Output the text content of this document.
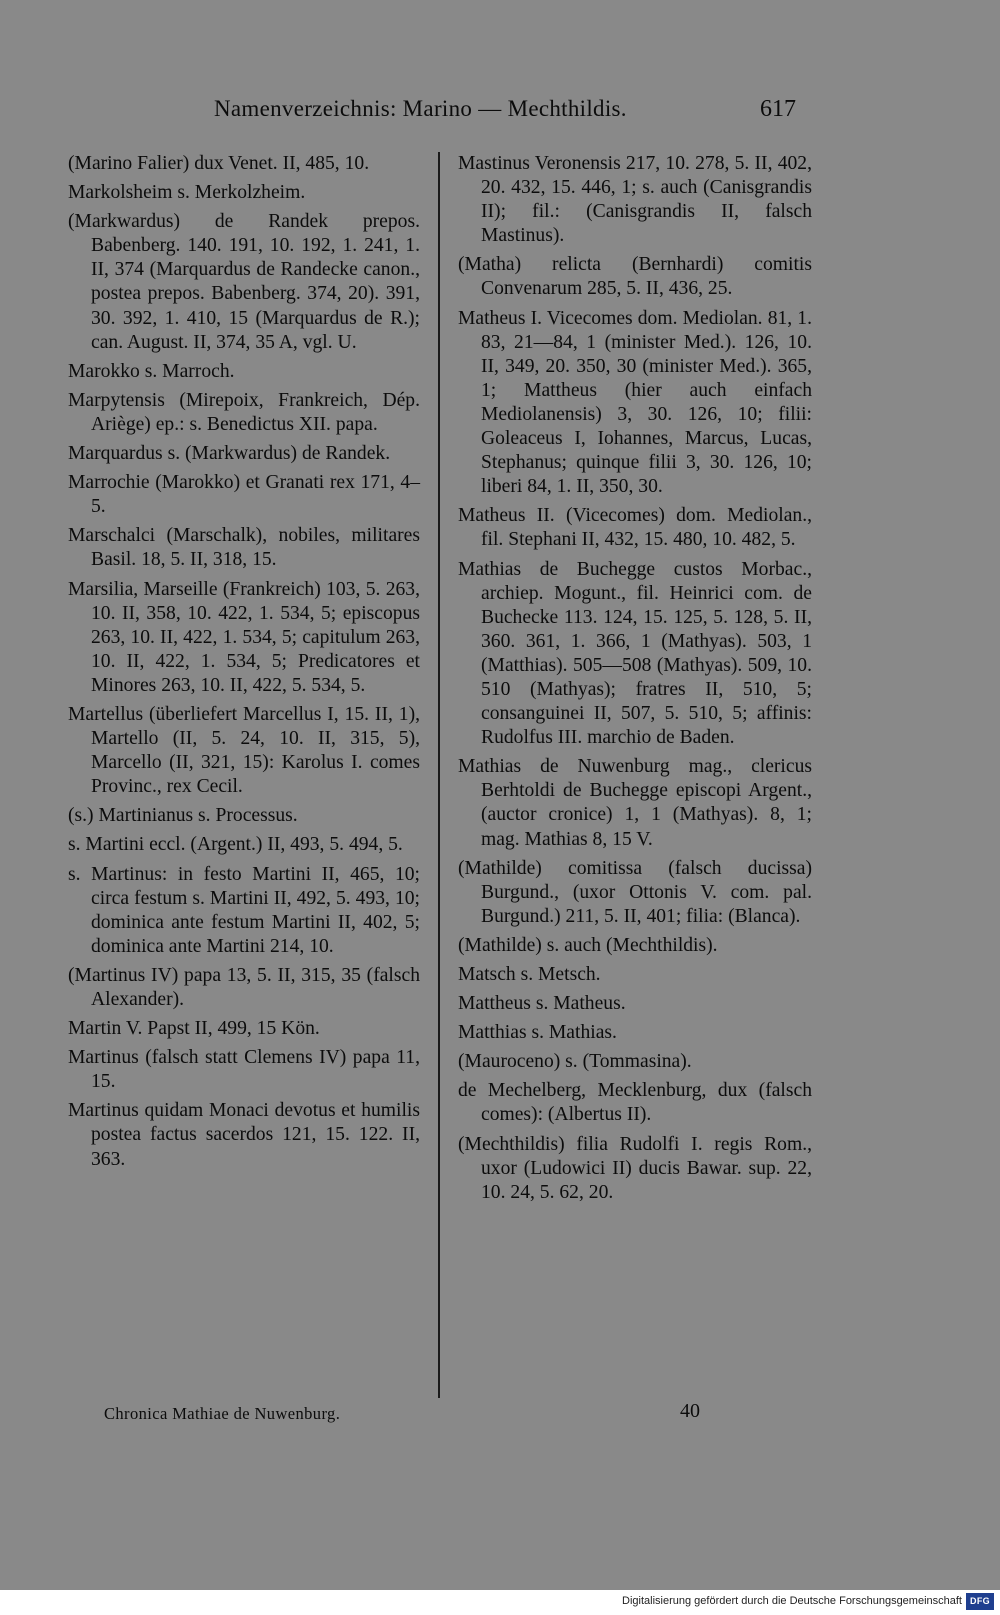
Namenverzeichnis: Marino — Mechthildis.	617

(Marino Falier) dux Venet. II, 485, 10.

Markolsheim s. Merkolzheim.

(Markwardus) de Randek prepos. Babenberg. 140. 191, 10. 192, 1. 241, 1. II, 374 (Marquardus de Randecke canon., postea prepos. Babenberg. 374, 20). 391, 30. 392, 1. 410, 15 (Marquardus de R.); can. August. II, 374, 35 A, vgl. U.

Marokko s. Marroch.

Marpytensis (Mirepoix, Frankreich, Dép. Ariège) ep.: s. Benedictus XII. papa.

Marquardus s. (Markwardus) de Randek.

Marrochie (Marokko) et Granati rex 171, 4–5.

Marschalci (Marschalk), nobiles, militares Basil. 18, 5. II, 318, 15.

Marsilia, Marseille (Frankreich) 103, 5. 263, 10. II, 358, 10. 422, 1. 534, 5; episcopus 263, 10. II, 422, 1. 534, 5; capitulum 263, 10. II, 422, 1. 534, 5; Predicatores et Minores 263, 10. II, 422, 5. 534, 5.

Martellus (überliefert Marcellus I, 15. II, 1), Martello (II, 5. 24, 10. II, 315, 5), Marcello (II, 321, 15): Karolus I. comes Provinc., rex Cecil.

(s.) Martinianus s. Processus.

s. Martini eccl. (Argent.) II, 493, 5. 494, 5.

s. Martinus: in festo Martini II, 465, 10; circa festum s. Martini II, 492, 5. 493, 10; dominica ante festum Martini II, 402, 5; dominica ante Martini 214, 10.

(Martinus IV) papa 13, 5. II, 315, 35 (falsch Alexander).

Martin V. Papst II, 499, 15 Kön.

Martinus (falsch statt Clemens IV) papa 11, 15.

Martinus quidam Monaci devotus et humilis postea factus sacerdos 121, 15. 122. II, 363.

Mastinus Veronensis 217, 10. 278, 5. II, 402, 20. 432, 15. 446, 1; s. auch (Canisgrandis II); fil.: (Canisgrandis II, falsch Mastinus).

(Matha) relicta (Bernhardi) comitis Convenarum 285, 5. II, 436, 25.

Matheus I. Vicecomes dom. Mediolan. 81, 1. 83, 21—84, 1 (minister Med.). 126, 10. II, 349, 20. 350, 30 (minister Med.). 365, 1; Mattheus (hier auch einfach Mediolanensis) 3, 30. 126, 10; filii: Goleaceus I, Iohannes, Marcus, Lucas, Stephanus; quinque filii 3, 30. 126, 10; liberi 84, 1. II, 350, 30.

Matheus II. (Vicecomes) dom. Mediolan., fil. Stephani II, 432, 15. 480, 10. 482, 5.

Mathias de Buchegge custos Morbac., archiep. Mogunt., fil. Heinrici com. de Buchecke 113. 124, 15. 125, 5. 128, 5. II, 360. 361, 1. 366, 1 (Mathyas). 503, 1 (Matthias). 505—508 (Mathyas). 509, 10. 510 (Mathyas); fratres II, 510, 5; consanguinei II, 507, 5. 510, 5; affinis: Rudolfus III. marchio de Baden.

Mathias de Nuwenburg mag., clericus Berhtoldi de Buchegge episcopi Argent., (auctor cronice) 1, 1 (Mathyas). 8, 1; mag. Mathias 8, 15 V.

(Mathilde) comitissa (falsch ducissa) Burgund., (uxor Ottonis V. com. pal. Burgund.) 211, 5. II, 401; filia: (Blanca).

(Mathilde) s. auch (Mechthildis).

Matsch s. Metsch.

Mattheus s. Matheus.

Matthias s. Mathias.

(Mauroceno) s. (Tommasina).

de Mechelberg, Mecklenburg, dux (falsch comes): (Albertus II).

(Mechthildis) filia Rudolfi I. regis Rom., uxor (Ludowici II) ducis Bawar. sup. 22, 10. 24, 5. 62, 20.

Chronica Mathiae de Nuwenburg.	40
Digitalisierung gefördert durch die Deutsche Forschungsgemeinschaft DFG
